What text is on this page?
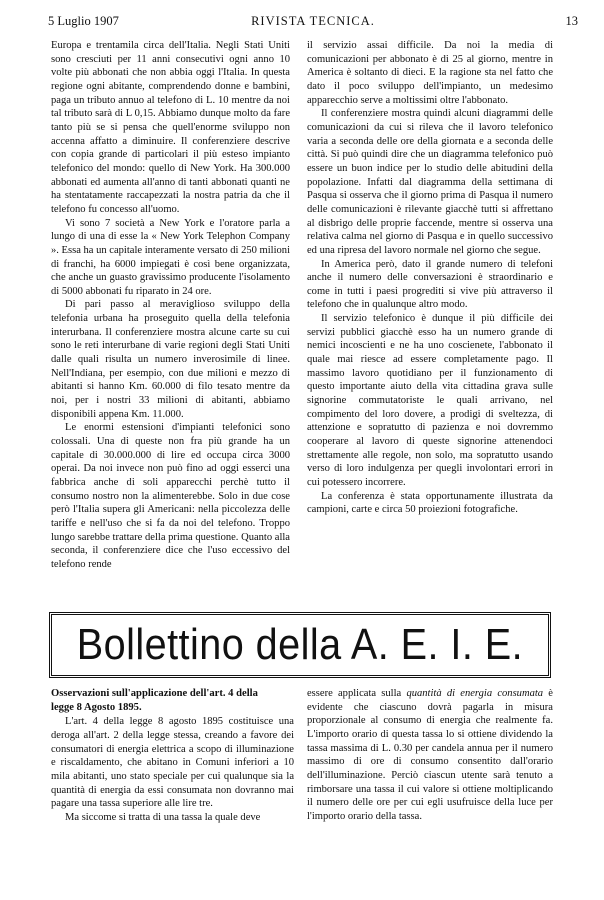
5 Luglio 1907	RIVISTA TECNICA.	13

Europa e trentamila circa dell'Italia. Negli Stati Uniti sono cresciuti per 11 anni consecutivi ogni anno 10 volte più abbonati che non abbia oggi l'Italia. In questa regione ogni abitante, comprendendo donne e bambini, paga un tributo annuo al telefono di L. 10 mentre da noi tal tributo sarà di L 0,15. Abbiamo dunque molto da fare tanto più se si pensa che quell'enorme sviluppo non accenna affatto a diminuire. Il conferenziere descrive con copia grande di particolari il più esteso impianto telefonico del mondo: quello di New York. Ha 300.000 abbonati ed aumenta all'anno di tanti abbonati quanti ne ha stentatamente raccapezzati la nostra patria da che il telefono fu concesso all'uomo.

Vi sono 7 società a New York e l'oratore parla a lungo di una di esse la « New York Telephon Company ». Essa ha un capitale interamente versato di 250 milioni di franchi, ha 6000 impiegati è così bene organizzata, che anche un guasto gravissimo producente l'isolamento di 5000 abbonati fu riparato in 24 ore.

Di pari passo al meraviglioso sviluppo della telefonia urbana ha proseguito quella della telefonia interurbana. Il conferenziere mostra alcune carte su cui sono le reti interurbane di varie regioni degli Stati Uniti dalle quali risulta un numero inverosimile di linee. Nell'Indiana, per esempio, con due milioni e mezzo di abitanti si hanno Km. 60.000 di filo tesato mentre da noi, per i nostri 33 milioni di abitanti, abbiamo disponibili appena Km. 11.000.

Le enormi estensioni d'impianti telefonici sono colossali. Una di queste non fra più grande ha un capitale di 30.000.000 di lire ed occupa circa 3000 operai. Da noi invece non può fino ad oggi esserci una fabbrica anche di soli apparecchi perchè tutto il consumo nostro non la alimenterebbe. Solo in due cose però l'Italia supera gli Americani: nella piccolezza delle tariffe e nell'uso che si fa da noi del telefono. Troppo lungo sarebbe trattare della prima questione. Quanto alla seconda, il conferenziere dice che l'uso eccessivo del telefono rende

il servizio assai difficile. Da noi la media di comunicazioni per abbonato è di 25 al giorno, mentre in America è soltanto di dieci. E la ragione sta nel fatto che dato il poco sviluppo dell'impianto, un medesimo apparecchio serve a moltissimi oltre l'abbonato.

Il conferenziere mostra quindi alcuni diagrammi delle comunicazioni da cui si rileva che il lavoro telefonico varia a seconda delle ore della giornata e a seconda delle città. Si può quindi dire che un diagramma telefonico può essere un buon indice per lo studio delle abitudini della popolazione. Infatti dal diagramma della settimana di Pasqua si osserva che il giorno prima di Pasqua il numero delle comunicazioni è rilevante giacchè tutti si affrettano al disbrigo delle proprie faccende, mentre si osserva una relativa calma nel giorno di Pasqua e in quello successivo ed una ripresa del lavoro normale nel giorno che segue.

In America però, dato il grande numero di telefoni anche il numero delle conversazioni è straordinario e come in tutti i paesi progrediti si vive più attraverso il telefono che in qualunque altro modo.

Il servizio telefonico è dunque il più difficile dei servizi pubblici giacchè esso ha un numero grande di nemici incoscienti e ne ha uno coscienete, l'abbonato il quale mai riesce ad essere completamente pago. Il massimo lavoro quotidiano per il funzionamento di questo importante aiuto della vita cittadina grava sulle signorine commutatoriste le quali arrivano, nel compimento del loro dovere, a prodigi di sveltezza, di attenzione e sopratutto di pazienza e noi dovremmo cooperare al lavoro di queste signorine attenendoci strettamente alle regole, non solo, ma sopratutto usando verso di loro indulgenza per quegli involontari errori in cui potessero incorrere.

La conferenza è stata opportunamente illustrata da campioni, carte e circa 50 proiezioni fotografiche.

Bollettino della A. E. I. E.
Osservazioni sull'applicazione dell'art. 4 della
legge 8 Agosto 1895.

L'art. 4 della legge 8 agosto 1895 costituisce una deroga all'art. 2 della legge stessa, creando a favore dei consumatori di energia elettrica a scopo di illuminazione e riscaldamento, che abitano in Comuni inferiori a 10 mila abitanti, uno stato speciale per cui qualunque sia la quantità di energia da essi consumata non dovranno mai pagare una tassa superiore alle lire tre.

Ma siccome si tratta di una tassa la quale deve

essere applicata sulla quantità di energia consumata è evidente che ciascuno dovrà pagarla in misura proporzionale al consumo di energia che realmente fa. L'importo orario di questa tassa lo si ottiene dividendo la tassa massima di L. 0.30 per candela annua per il numero massimo di ore di consumo consentito dall'orario dell'illuminazione. Perciò ciascun utente sarà tenuto a rimborsare una tassa il cui valore si ottiene moltiplicando il numero delle ore per cui egli usufruisce della luce per l'importo orario della tassa.
